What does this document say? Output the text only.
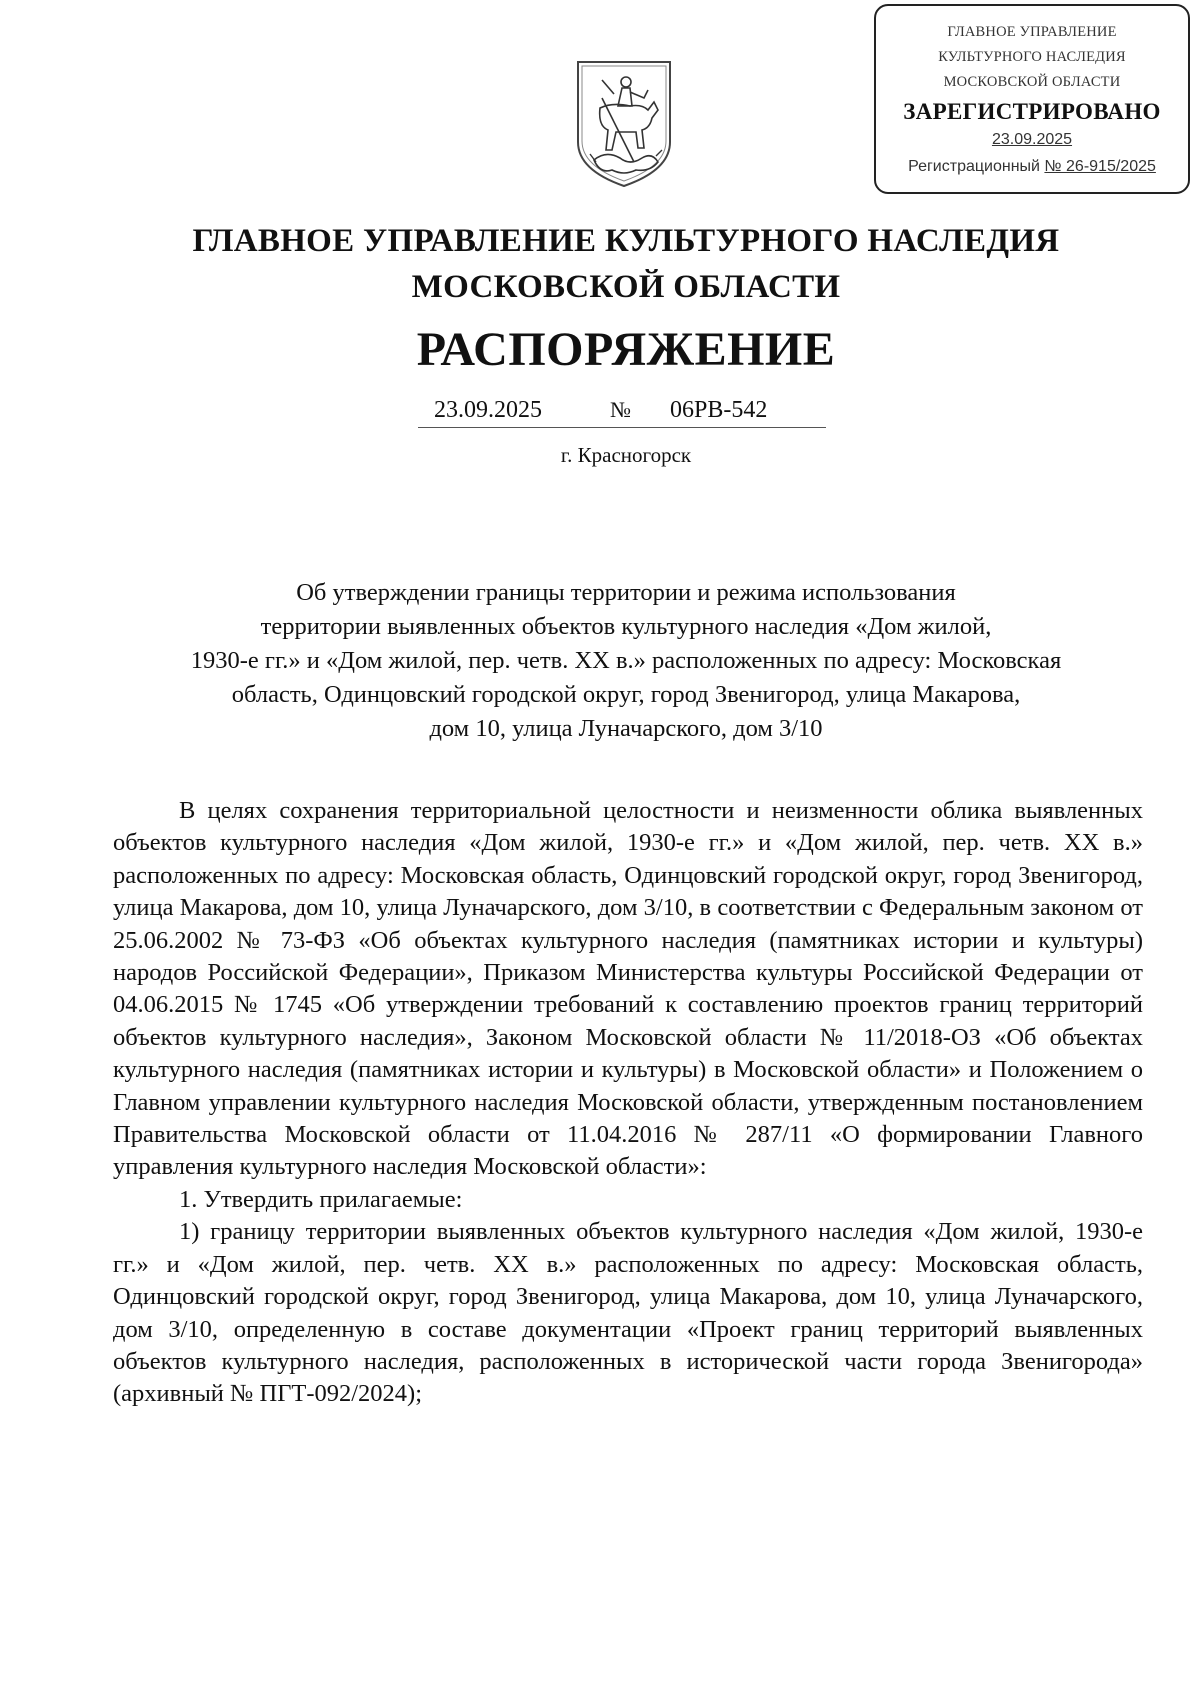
ГЛАВНОЕ УПРАВЛЕНИЕ
КУЛЬТУРНОГО НАСЛЕДИЯ
МОСКОВСКОЙ ОБЛАСТИ
ЗАРЕГИСТРИРОВАНО
23.09.2025
Регистрационный № 26-915/2025
ГЛАВНОЕ УПРАВЛЕНИЕ КУЛЬТУРНОГО НАСЛЕДИЯ
МОСКОВСКОЙ ОБЛАСТИ
РАСПОРЯЖЕНИЕ
23.09.2025	№ 06РВ-542
г. Красногорск
Об утверждении границы территории и режима использования
территории выявленных объектов культурного наследия «Дом жилой,
1930-е гг.» и «Дом жилой, пер. четв. XX в.» расположенных по адресу: Московская
область, Одинцовский городской округ, город Звенигород, улица Макарова,
дом 10, улица Луначарского, дом 3/10

В целях сохранения территориальной целостности и неизменности облика выявленных объектов культурного наследия «Дом жилой, 1930-е гг.» и «Дом жилой, пер. четв. XX в.» расположенных по адресу: Московская область, Одинцовский городской округ, город Звенигород, улица Макарова, дом 10, улица Луначарского, дом 3/10, в соответствии с Федеральным законом от 25.06.2002 № 73-ФЗ «Об объектах культурного наследия (памятниках истории и культуры) народов Российской Федерации», Приказом Министерства культуры Российской Федерации от 04.06.2015 № 1745 «Об утверждении требований к составлению проектов границ территорий объектов культурного наследия», Законом Московской области № 11/2018-ОЗ «Об объектах культурного наследия (памятниках истории и культуры) в Московской области» и Положением о Главном управлении культурного наследия Московской области, утвержденным постановлением Правительства Московской области от 11.04.2016 № 287/11 «О формировании Главного управления культурного наследия Московской области»:

1. Утвердить прилагаемые:

1) границу территории выявленных объектов культурного наследия «Дом жилой, 1930-е гг.» и «Дом жилой, пер. четв. XX в.» расположенных по адресу: Московская область, Одинцовский городской округ, город Звенигород, улица Макарова, дом 10, улица Луначарского, дом 3/10, определенную в составе документации «Проект границ территорий выявленных объектов культурного наследия, расположенных в исторической части города Звенигорода» (архивный № ПГТ-092/2024);
